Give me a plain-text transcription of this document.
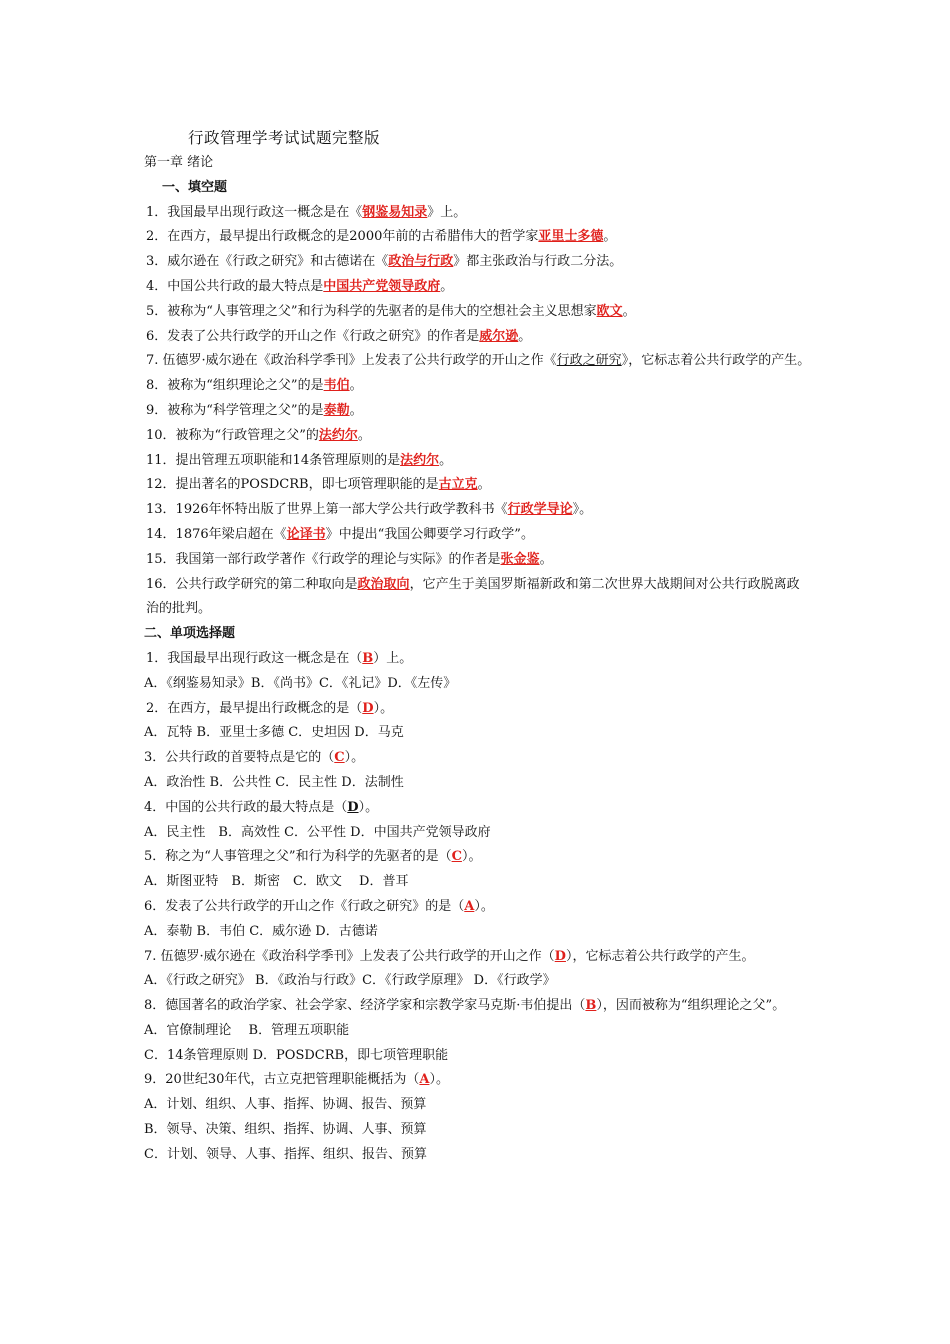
行政管理学考试试题完整版
第一章 绪论
一、填空题
1．我国最早出现行政这一概念是在《钢鉴易知录》上。
2．在西方，最早提出行政概念的是2000年前的古希腊伟大的哲学家亚里士多德。
3．威尔逊在《行政之研究》和古德诺在《政治与行政》都主张政治与行政二分法。
4．中国公共行政的最大特点是中国共产党领导政府。
5．被称为“人事管理之父”和行为科学的先驱者的是伟大的空想社会主义思想家欧文。
6．发表了公共行政学的开山之作《行政之研究》的作者是威尔逊。
7. 伍德罗·威尔逊在《政治科学季刊》上发表了公共行政学的开山之作《行政之研究》，它标志着公共行政学的产生。
8．被称为“组织理论之父”的是韦伯。
9．被称为“科学管理之父”的是泰勒。
10．被称为“行政管理之父”的法约尔。
11．提出管理五项职能和14条管理原则的是法约尔。
12．提出著名的POSDCRB，即七项管理职能的是古立克。
13．1926年怀特出版了世界上第一部大学公共行政学教科书《行政学导论》。
14．1876年梁启超在《论译书》中提出“我国公卿要学习行政学”。
15．我国第一部行政学著作《行政学的理论与实际》的作者是张金鉴。
16．公共行政学研究的第二种取向是政治取向，它产生于美国罗斯福新政和第二次世界大战期间对公共行政脱离政治的批判。
二、单项选择题
1．我国最早出现行政这一概念是在（B）上。
A．《纲鉴易知录》B．《尚书》C．《礼记》D．《左传》
2．在西方，最早提出行政概念的是（D）。
A．瓦特 B．亚里士多德 C．史坦因 D．马克
3．公共行政的首要特点是它的（C）。
A．政治性 B．公共性 C．民主性 D．法制性
4．中国的公共行政的最大特点是（D）。
A．民主性　B．高效性 C．公平性 D．中国共产党领导政府
5．称之为“人事管理之父”和行为科学的先驱者的是（C）。
A．斯图亚特　B．斯密　C．欧文　 D．普耳
6．发表了公共行政学的开山之作《行政之研究》的是（A）。
A．泰勒 B．韦伯 C．威尔逊 D．古德诺
7. 伍德罗·威尔逊在《政治科学季刊》上发表了公共行政学的开山之作（D），它标志着公共行政学的产生。
A．《行政之研究》 B．《政治与行政》C．《行政学原理》 D．《行政学》
8．德国著名的政治学家、社会学家、经济学家和宗教学家马克斯·韦伯提出（B），因而被称为“组织理论之父”。
A．官僚制理论　 B．管理五项职能
C．14条管理原则 D．POSDCRB，即七项管理职能
9．20世纪30年代，古立克把管理职能概括为（A）。
A．计划、组织、人事、指挥、协调、报告、预算
B．领导、决策、组织、指挥、协调、人事、预算
C．计划、领导、人事、指挥、组织、报告、预算
